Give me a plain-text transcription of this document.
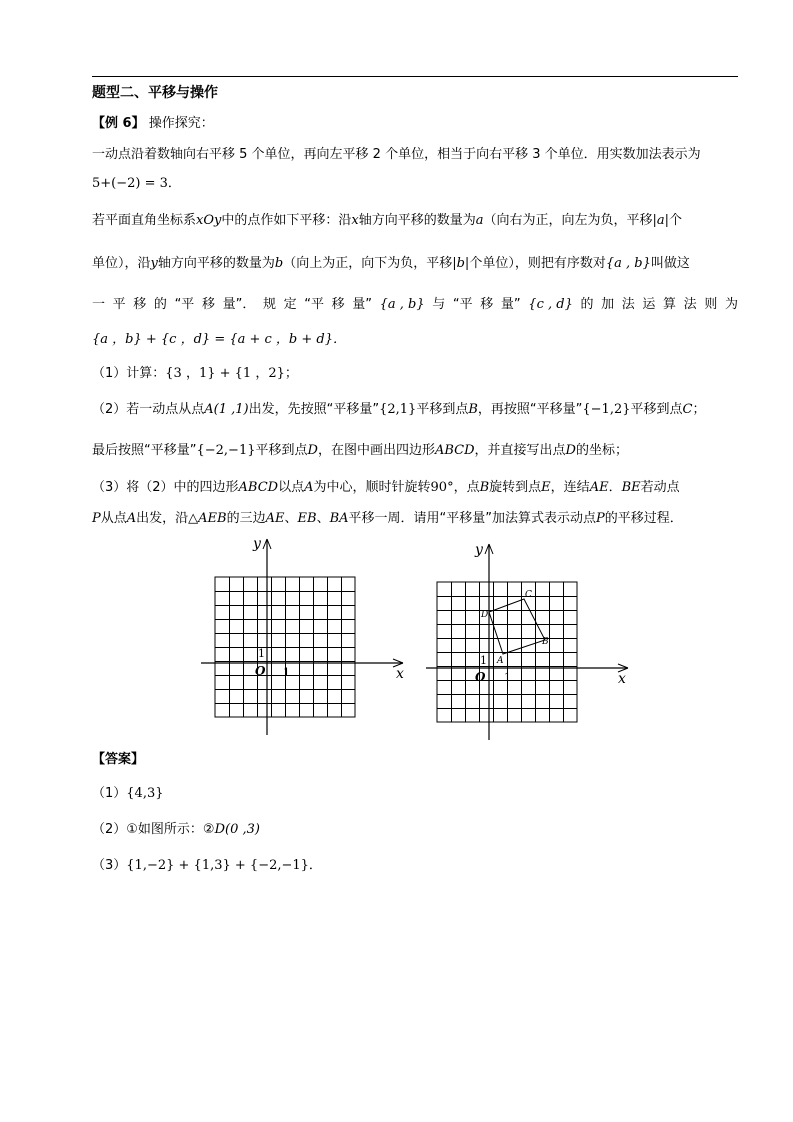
题型二、平移与操作
【例 6】 操作探究：
一动点沿着数轴向右平移 5 个单位，再向左平移 2 个单位，相当于向右平移 3 个单位．用实数加法表示为
5+(−2) = 3．
若平面直角坐标系xOy中的点作如下平移：沿x轴方向平移的数量为a（向右为正，向左为负，平移|a|个
单位），沿y轴方向平移的数量为b（向上为正，向下为负，平移|b|个单位），则把有序数对{a , b}叫做这
一 平 移 的 “平 移 量”． 规 定 “平 移 量” {a , b} 与 “平 移 量” {c , d} 的 加 法 运 算 法 则 为
{a ，b} + {c ，d} = {a + c ，b + d}．
（1）计算：{3 ，1} + {1 ，2}；
（2）若一动点从点A(1 ,1)出发，先按照“平移量”{2,1}平移到点B，再按照“平移量”{−1,2}平移到点C；
最后按照“平移量”{−2,−1}平移到点D，在图中画出四边形ABCD，并直接写出点D的坐标；
（3）将（2）中的四边形ABCD以点A为中心，顺时针旋转90°，点B旋转到点E，连结AE．BE若动点
P从点A出发，沿△AEB的三边AE、EB、BA平移一周．请用“平移量”加法算式表示动点P的平移过程．
y
x
O 1
1
y
x
O 1
1 A
B
C
D
【答案】
（1）{4,3}
（2）①如图所示：②D(0 ,3)
（3）{1,−2} + {1,3} + {−2,−1}．
